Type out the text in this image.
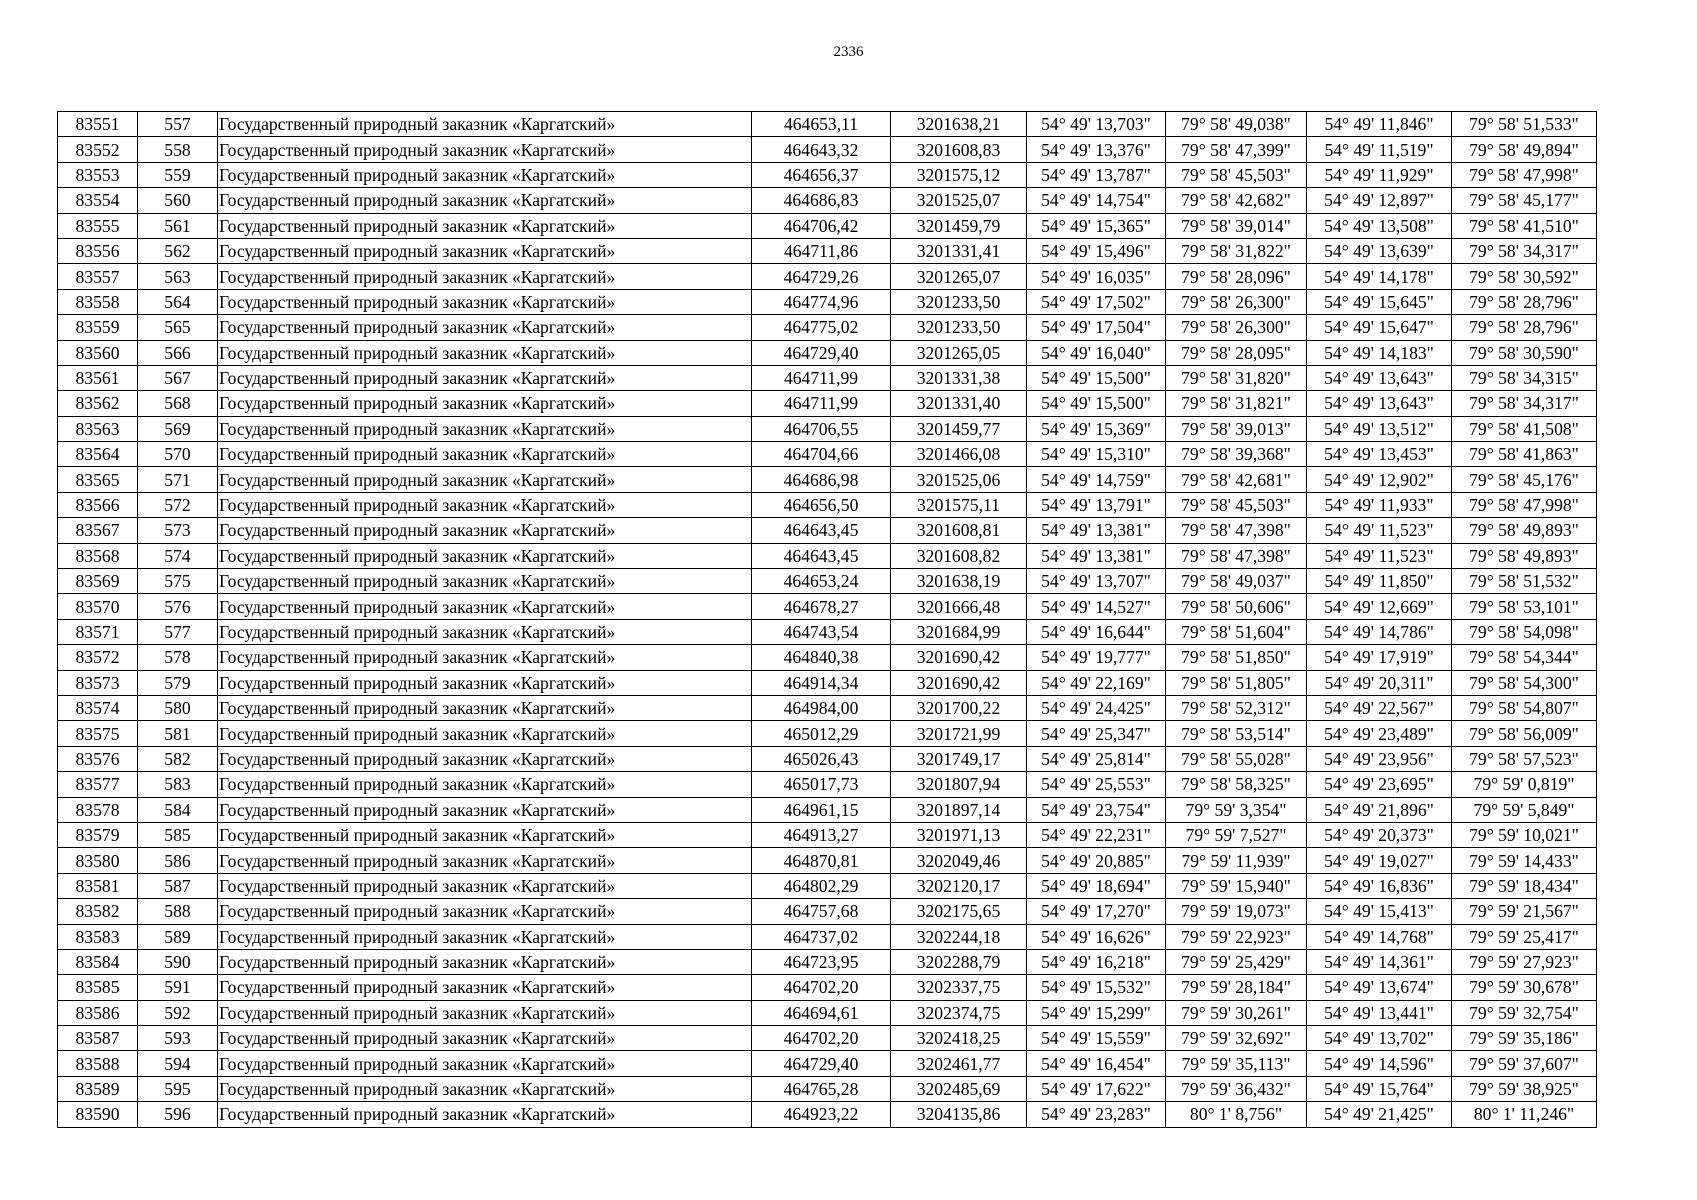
2336
83551	557	Государственный природный заказник «Каргатский»	464653,11	3201638,21	54° 49' 13,703"	79° 58' 49,038"	54° 49' 11,846"	79° 58' 51,533"
83552	558	Государственный природный заказник «Каргатский»	464643,32	3201608,83	54° 49' 13,376"	79° 58' 47,399"	54° 49' 11,519"	79° 58' 49,894"
83553	559	Государственный природный заказник «Каргатский»	464656,37	3201575,12	54° 49' 13,787"	79° 58' 45,503"	54° 49' 11,929"	79° 58' 47,998"
83554	560	Государственный природный заказник «Каргатский»	464686,83	3201525,07	54° 49' 14,754"	79° 58' 42,682"	54° 49' 12,897"	79° 58' 45,177"
83555	561	Государственный природный заказник «Каргатский»	464706,42	3201459,79	54° 49' 15,365"	79° 58' 39,014"	54° 49' 13,508"	79° 58' 41,510"
83556	562	Государственный природный заказник «Каргатский»	464711,86	3201331,41	54° 49' 15,496"	79° 58' 31,822"	54° 49' 13,639"	79° 58' 34,317"
83557	563	Государственный природный заказник «Каргатский»	464729,26	3201265,07	54° 49' 16,035"	79° 58' 28,096"	54° 49' 14,178"	79° 58' 30,592"
83558	564	Государственный природный заказник «Каргатский»	464774,96	3201233,50	54° 49' 17,502"	79° 58' 26,300"	54° 49' 15,645"	79° 58' 28,796"
83559	565	Государственный природный заказник «Каргатский»	464775,02	3201233,50	54° 49' 17,504"	79° 58' 26,300"	54° 49' 15,647"	79° 58' 28,796"
83560	566	Государственный природный заказник «Каргатский»	464729,40	3201265,05	54° 49' 16,040"	79° 58' 28,095"	54° 49' 14,183"	79° 58' 30,590"
83561	567	Государственный природный заказник «Каргатский»	464711,99	3201331,38	54° 49' 15,500"	79° 58' 31,820"	54° 49' 13,643"	79° 58' 34,315"
83562	568	Государственный природный заказник «Каргатский»	464711,99	3201331,40	54° 49' 15,500"	79° 58' 31,821"	54° 49' 13,643"	79° 58' 34,317"
83563	569	Государственный природный заказник «Каргатский»	464706,55	3201459,77	54° 49' 15,369"	79° 58' 39,013"	54° 49' 13,512"	79° 58' 41,508"
83564	570	Государственный природный заказник «Каргатский»	464704,66	3201466,08	54° 49' 15,310"	79° 58' 39,368"	54° 49' 13,453"	79° 58' 41,863"
83565	571	Государственный природный заказник «Каргатский»	464686,98	3201525,06	54° 49' 14,759"	79° 58' 42,681"	54° 49' 12,902"	79° 58' 45,176"
83566	572	Государственный природный заказник «Каргатский»	464656,50	3201575,11	54° 49' 13,791"	79° 58' 45,503"	54° 49' 11,933"	79° 58' 47,998"
83567	573	Государственный природный заказник «Каргатский»	464643,45	3201608,81	54° 49' 13,381"	79° 58' 47,398"	54° 49' 11,523"	79° 58' 49,893"
83568	574	Государственный природный заказник «Каргатский»	464643,45	3201608,82	54° 49' 13,381"	79° 58' 47,398"	54° 49' 11,523"	79° 58' 49,893"
83569	575	Государственный природный заказник «Каргатский»	464653,24	3201638,19	54° 49' 13,707"	79° 58' 49,037"	54° 49' 11,850"	79° 58' 51,532"
83570	576	Государственный природный заказник «Каргатский»	464678,27	3201666,48	54° 49' 14,527"	79° 58' 50,606"	54° 49' 12,669"	79° 58' 53,101"
83571	577	Государственный природный заказник «Каргатский»	464743,54	3201684,99	54° 49' 16,644"	79° 58' 51,604"	54° 49' 14,786"	79° 58' 54,098"
83572	578	Государственный природный заказник «Каргатский»	464840,38	3201690,42	54° 49' 19,777"	79° 58' 51,850"	54° 49' 17,919"	79° 58' 54,344"
83573	579	Государственный природный заказник «Каргатский»	464914,34	3201690,42	54° 49' 22,169"	79° 58' 51,805"	54° 49' 20,311"	79° 58' 54,300"
83574	580	Государственный природный заказник «Каргатский»	464984,00	3201700,22	54° 49' 24,425"	79° 58' 52,312"	54° 49' 22,567"	79° 58' 54,807"
83575	581	Государственный природный заказник «Каргатский»	465012,29	3201721,99	54° 49' 25,347"	79° 58' 53,514"	54° 49' 23,489"	79° 58' 56,009"
83576	582	Государственный природный заказник «Каргатский»	465026,43	3201749,17	54° 49' 25,814"	79° 58' 55,028"	54° 49' 23,956"	79° 58' 57,523"
83577	583	Государственный природный заказник «Каргатский»	465017,73	3201807,94	54° 49' 25,553"	79° 58' 58,325"	54° 49' 23,695"	79° 59' 0,819"
83578	584	Государственный природный заказник «Каргатский»	464961,15	3201897,14	54° 49' 23,754"	79° 59' 3,354"	54° 49' 21,896"	79° 59' 5,849"
83579	585	Государственный природный заказник «Каргатский»	464913,27	3201971,13	54° 49' 22,231"	79° 59' 7,527"	54° 49' 20,373"	79° 59' 10,021"
83580	586	Государственный природный заказник «Каргатский»	464870,81	3202049,46	54° 49' 20,885"	79° 59' 11,939"	54° 49' 19,027"	79° 59' 14,433"
83581	587	Государственный природный заказник «Каргатский»	464802,29	3202120,17	54° 49' 18,694"	79° 59' 15,940"	54° 49' 16,836"	79° 59' 18,434"
83582	588	Государственный природный заказник «Каргатский»	464757,68	3202175,65	54° 49' 17,270"	79° 59' 19,073"	54° 49' 15,413"	79° 59' 21,567"
83583	589	Государственный природный заказник «Каргатский»	464737,02	3202244,18	54° 49' 16,626"	79° 59' 22,923"	54° 49' 14,768"	79° 59' 25,417"
83584	590	Государственный природный заказник «Каргатский»	464723,95	3202288,79	54° 49' 16,218"	79° 59' 25,429"	54° 49' 14,361"	79° 59' 27,923"
83585	591	Государственный природный заказник «Каргатский»	464702,20	3202337,75	54° 49' 15,532"	79° 59' 28,184"	54° 49' 13,674"	79° 59' 30,678"
83586	592	Государственный природный заказник «Каргатский»	464694,61	3202374,75	54° 49' 15,299"	79° 59' 30,261"	54° 49' 13,441"	79° 59' 32,754"
83587	593	Государственный природный заказник «Каргатский»	464702,20	3202418,25	54° 49' 15,559"	79° 59' 32,692"	54° 49' 13,702"	79° 59' 35,186"
83588	594	Государственный природный заказник «Каргатский»	464729,40	3202461,77	54° 49' 16,454"	79° 59' 35,113"	54° 49' 14,596"	79° 59' 37,607"
83589	595	Государственный природный заказник «Каргатский»	464765,28	3202485,69	54° 49' 17,622"	79° 59' 36,432"	54° 49' 15,764"	79° 59' 38,925"
83590	596	Государственный природный заказник «Каргатский»	464923,22	3204135,86	54° 49' 23,283"	80° 1' 8,756"	54° 49' 21,425"	80° 1' 11,246"
